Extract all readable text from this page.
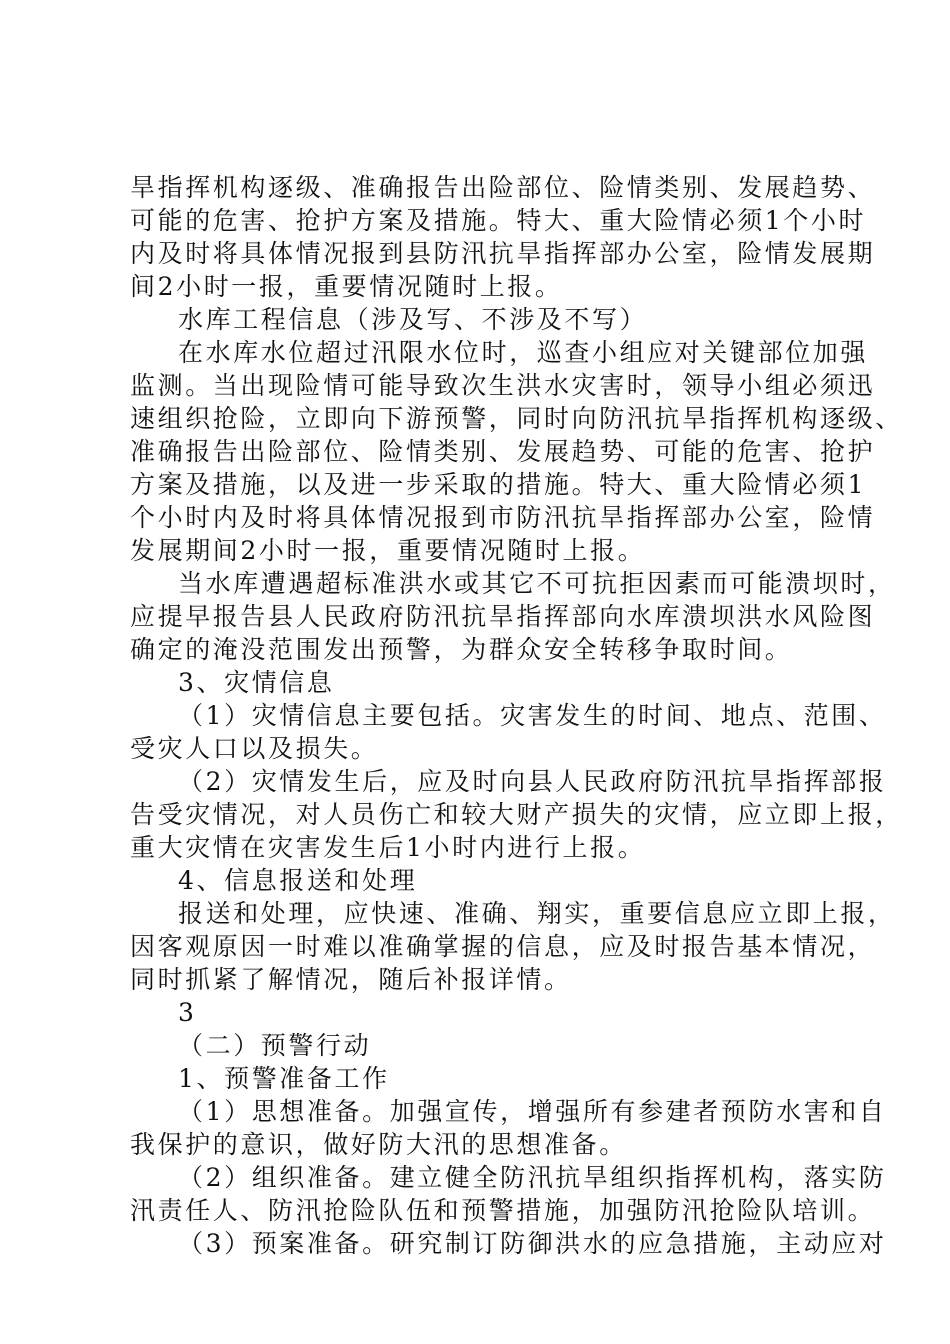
旱指挥机构逐级、准确报告出险部位、险情类别、发展趋势、
可能的危害、抢护方案及措施。特大、重大险情必须1个小时
内及时将具体情况报到县防汛抗旱指挥部办公室，险情发展期
间2小时一报，重要情况随时上报。
水库工程信息（涉及写、不涉及不写）
在水库水位超过汛限水位时，巡查小组应对关键部位加强
监测。当出现险情可能导致次生洪水灾害时，领导小组必须迅
速组织抢险，立即向下游预警，同时向防汛抗旱指挥机构逐级、
准确报告出险部位、险情类别、发展趋势、可能的危害、抢护
方案及措施，以及进一步采取的措施。特大、重大险情必须1
个小时内及时将具体情况报到市防汛抗旱指挥部办公室，险情
发展期间2小时一报，重要情况随时上报。
当水库遭遇超标准洪水或其它不可抗拒因素而可能溃坝时，
应提早报告县人民政府防汛抗旱指挥部向水库溃坝洪水风险图
确定的淹没范围发出预警，为群众安全转移争取时间。
3、灾情信息
（1）灾情信息主要包括。灾害发生的时间、地点、范围、
受灾人口以及损失。
（2）灾情发生后，应及时向县人民政府防汛抗旱指挥部报
告受灾情况，对人员伤亡和较大财产损失的灾情，应立即上报，
重大灾情在灾害发生后1小时内进行上报。
4、信息报送和处理
报送和处理，应快速、准确、翔实，重要信息应立即上报，
因客观原因一时难以准确掌握的信息，应及时报告基本情况，
同时抓紧了解情况，随后补报详情。
3
（二）预警行动
1、预警准备工作
（1）思想准备。加强宣传，增强所有参建者预防水害和自
我保护的意识，做好防大汛的思想准备。
（2）组织准备。建立健全防汛抗旱组织指挥机构，落实防
汛责任人、防汛抢险队伍和预警措施，加强防汛抢险队培训。
（3）预案准备。研究制订防御洪水的应急措施，主动应对
